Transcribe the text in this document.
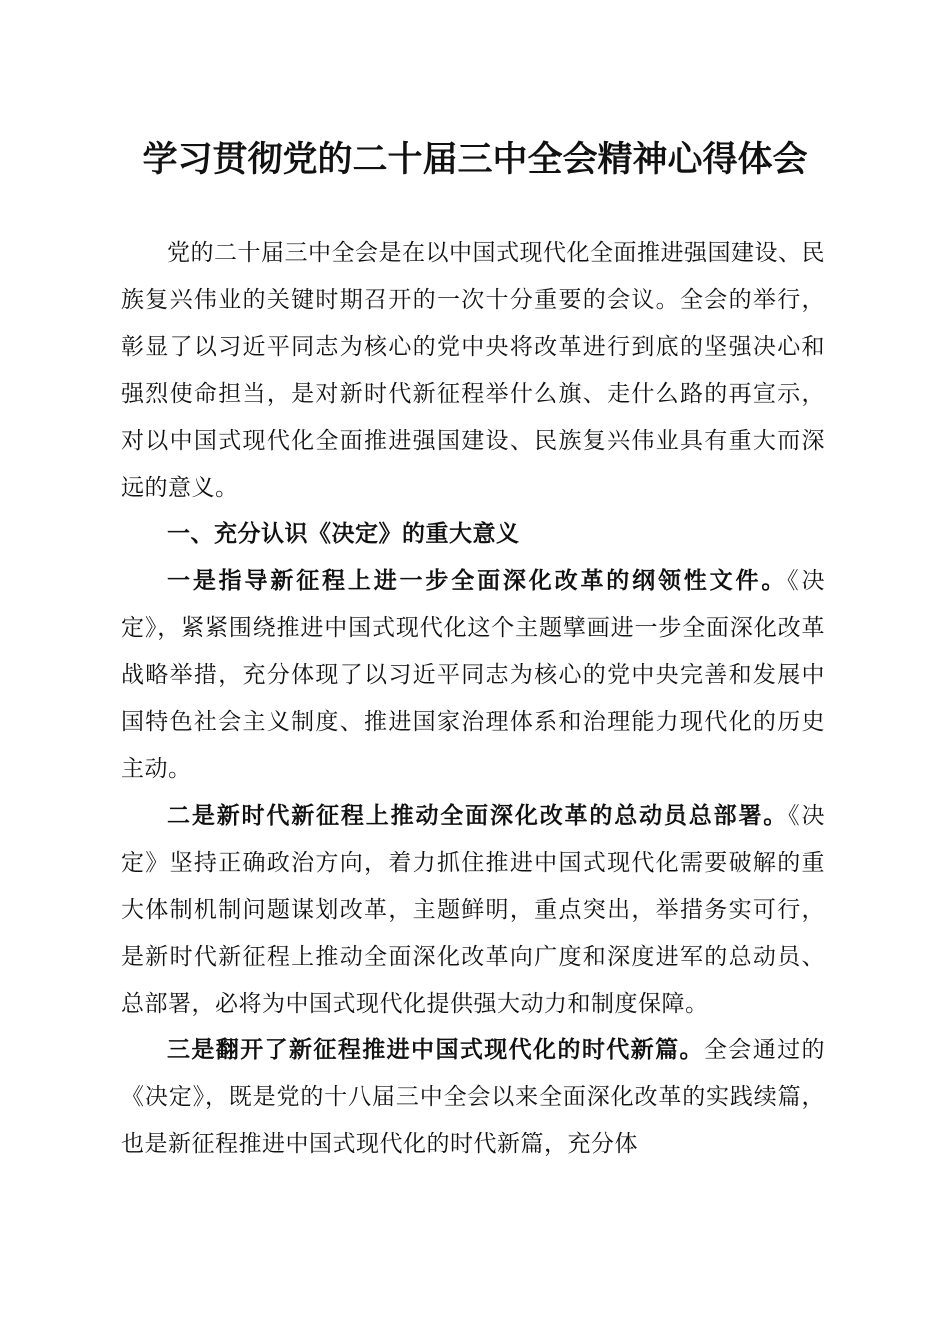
学习贯彻党的二十届三中全会精神心得体会

党的二十届三中全会是在以中国式现代化全面推进强国建设、民族复兴伟业的关键时期召开的一次十分重要的会议。全会的举行，彰显了以习近平同志为核心的党中央将改革进行到底的坚强决心和强烈使命担当，是对新时代新征程举什么旗、走什么路的再宣示，对以中国式现代化全面推进强国建设、民族复兴伟业具有重大而深远的意义。

一、充分认识《决定》的重大意义

一是指导新征程上进一步全面深化改革的纲领性文件。《决定》，紧紧围绕推进中国式现代化这个主题擘画进一步全面深化改革战略举措，充分体现了以习近平同志为核心的党中央完善和发展中国特色社会主义制度、推进国家治理体系和治理能力现代化的历史主动。

二是新时代新征程上推动全面深化改革的总动员总部署。《决定》坚持正确政治方向，着力抓住推进中国式现代化需要破解的重大体制机制问题谋划改革，主题鲜明，重点突出，举措务实可行，是新时代新征程上推动全面深化改革向广度和深度进军的总动员、总部署，必将为中国式现代化提供强大动力和制度保障。

三是翻开了新征程推进中国式现代化的时代新篇。全会通过的《决定》，既是党的十八届三中全会以来全面深化改革的实践续篇，也是新征程推进中国式现代化的时代新篇，充分体
